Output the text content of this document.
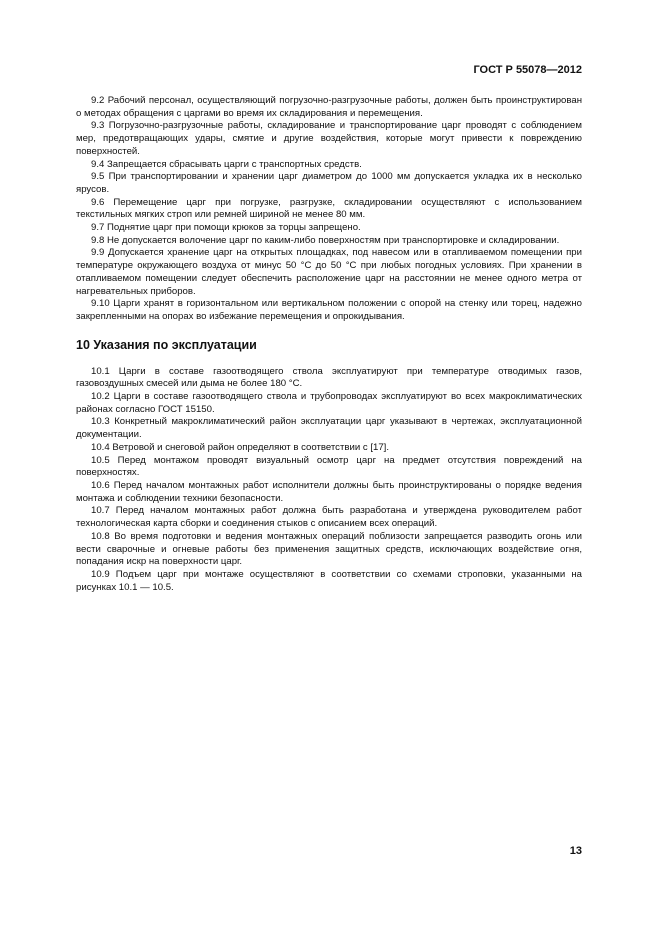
ГОСТ Р 55078—2012

9.2 Рабочий персонал, осуществляющий погрузочно-разгрузочные работы, должен быть проинструктирован о методах обращения с царгами во время их складирования и перемещения.

9.3 Погрузочно-разгрузочные работы, складирование и транспортирование царг проводят с соблюдением мер, предотвращающих удары, смятие и другие воздействия, которые могут привести к повреждению поверхностей.

9.4 Запрещается сбрасывать царги с транспортных средств.

9.5 При транспортировании и хранении царг диаметром до 1000 мм допускается укладка их в несколько ярусов.

9.6 Перемещение царг при погрузке, разгрузке, складировании осуществляют с использованием текстильных мягких строп или ремней шириной не менее 80 мм.

9.7 Поднятие царг при помощи крюков за торцы запрещено.

9.8 Не допускается волочение царг по каким-либо поверхностям при транспортировке и складировании.

9.9 Допускается хранение царг на открытых площадках, под навесом или в отапливаемом помещении при температуре окружающего воздуха от минус 50 °C до 50 °C при любых погодных условиях. При хранении в отапливаемом помещении следует обеспечить расположение царг на расстоянии не менее одного метра от нагревательных приборов.

9.10 Царги хранят в горизонтальном или вертикальном положении с опорой на стенку или торец, надежно закрепленными на опорах во избежание перемещения и опрокидывания.

10 Указания по эксплуатации

10.1 Царги в составе газоотводящего ствола эксплуатируют при температуре отводимых газов, газовоздушных смесей или дыма не более 180 °C.

10.2 Царги в составе газоотводящего ствола и трубопроводах эксплуатируют во всех макроклиматических районах согласно ГОСТ 15150.

10.3 Конкретный макроклиматический район эксплуатации царг указывают в чертежах, эксплуатационной документации.

10.4 Ветровой и снеговой район определяют в соответствии с [17].

10.5 Перед монтажом проводят визуальный осмотр царг на предмет отсутствия повреждений на поверхностях.

10.6 Перед началом монтажных работ исполнители должны быть проинструктированы о порядке ведения монтажа и соблюдении техники безопасности.

10.7 Перед началом монтажных работ должна быть разработана и утверждена руководителем работ технологическая карта сборки и соединения стыков с описанием всех операций.

10.8 Во время подготовки и ведения монтажных операций поблизости запрещается разводить огонь или вести сварочные и огневые работы без применения защитных средств, исключающих воздействие огня, попадания искр на поверхности царг.

10.9 Подъем царг при монтаже осуществляют в соответствии со схемами строповки, указанными на рисунках 10.1 — 10.5.

13
